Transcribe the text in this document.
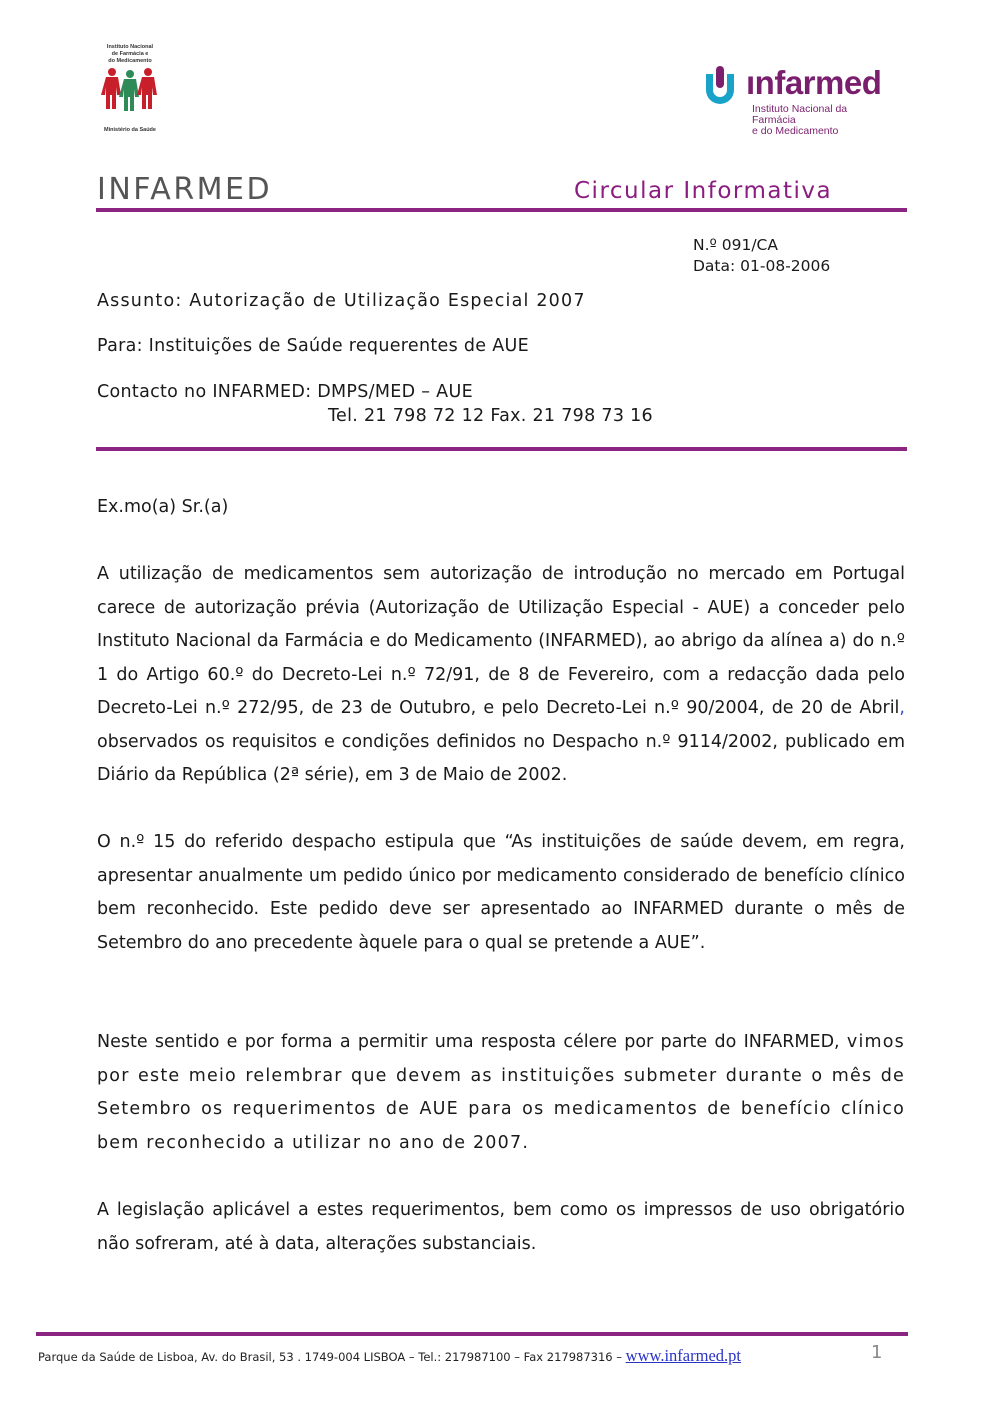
Instituto Nacional
de Farmácia e
do Medicamento
Ministério da Saúde
ınfarmed
Instituto Nacional da Farmácia
e do Medicamento
INFARMED	Circular Informativa
N.º 091/CA
Data: 01-08-2006
Assunto: Autorização de Utilização Especial 2007
Para: Instituições de Saúde requerentes de AUE
Contacto no INFARMED: DMPS/MED – AUE
Tel. 21 798 72 12 Fax. 21 798 73 16
Ex.mo(a) Sr.(a)
A utilização de medicamentos sem autorização de introdução no mercado em Portugal carece de autorização prévia (Autorização de Utilização Especial - AUE) a conceder pelo Instituto Nacional da Farmácia e do Medicamento (INFARMED), ao abrigo da alínea a) do n.º 1 do Artigo 60.º do Decreto-Lei n.º 72/91, de 8 de Fevereiro, com a redacção dada pelo Decreto-Lei n.º 272/95, de 23 de Outubro, e pelo Decreto-Lei n.º 90/2004, de 20 de Abril, observados os requisitos e condições definidos no Despacho n.º 9114/2002, publicado em Diário da República (2ª série), em 3 de Maio de 2002.
O n.º 15 do referido despacho estipula que “As instituições de saúde devem, em regra, apresentar anualmente um pedido único por medicamento considerado de benefício clínico bem reconhecido. Este pedido deve ser apresentado ao INFARMED durante o mês de Setembro do ano precedente àquele para o qual se pretende a AUE”.
Neste sentido e por forma a permitir uma resposta célere por parte do INFARMED, vimos por este meio relembrar que devem as instituições submeter durante o mês de Setembro os requerimentos de AUE para os medicamentos de benefício clínico bem reconhecido a utilizar no ano de 2007.
A legislação aplicável a estes requerimentos, bem como os impressos de uso obrigatório não sofreram, até à data, alterações substanciais.
Parque da Saúde de Lisboa, Av. do Brasil, 53 . 1749-004 LISBOA – Tel.: 217987100 – Fax 217987316 – www.infarmed.pt	1
